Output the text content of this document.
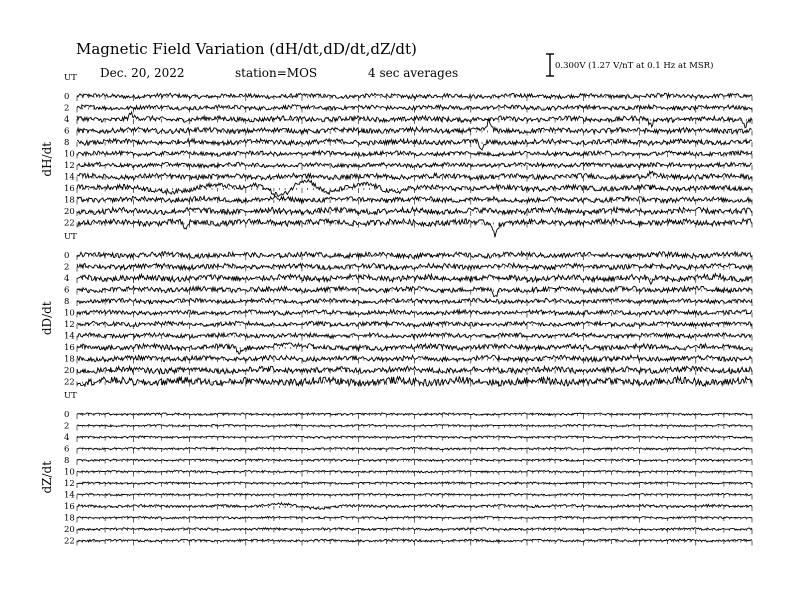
Magnetic Field Variation (dH/dt,dD/dt,dZ/dt)
Dec. 20, 2022	station=MOS	4 sec averages	0.300V (1.27 V/nT at 0.1 Hz at MSR)
UT
dH/dt
0
2
4
6
8
10
12
14
16
18
20
22
UT
dD/dt
0
2
4
6
8
10
12
14
16
18
20
22
UT
dZ/dt
0
2
4
6
8
10
12
14
16
18
20
22
